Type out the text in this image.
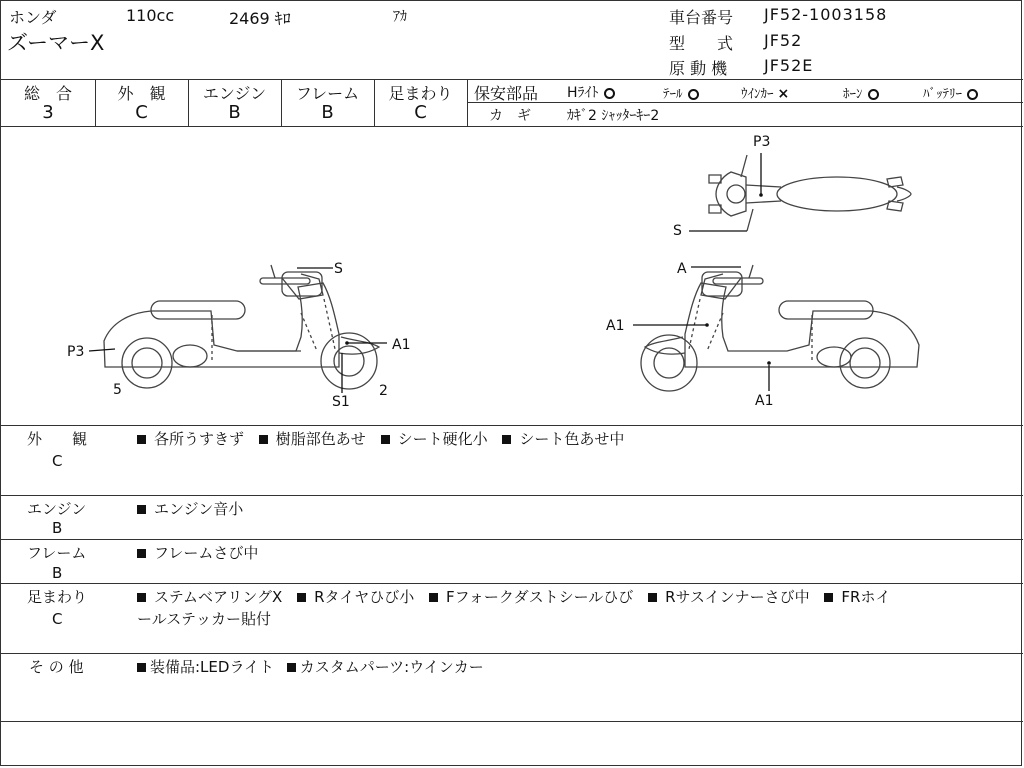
ホンダ	110cc	2469 ｷﾛ	ｱｶ
ズーマーX
車台番号 JF52-1003158
型　　式 JF52
原 動 機 JF52E
総　合
3
外　観
C
エンジン
B
フレーム
B
足まわり
C
保安部品 Hﾗｲﾄ	ﾃｰﾙ	ｳｲﾝｶｰ ×	ﾎｰﾝ	ﾊﾞｯﾃﾘｰ
カ　ギ	ｶｷﾞ2 ｼｬｯﾀｰｷｰ2
S
P3	A1
S1
5	2
A
A1
A1
P3
S
外　　観
C
各所うすきず 樹脂部色あせ シート硬化小 シート色あせ中
エンジン
B
エンジン音小
フレーム
B
フレームさび中
足まわり
C
ステムベアリングX Rタイヤひび小 Fフォークダストシールひび Rサスインナーさび中 FRホイ
ールステッカー貼付
そ の 他	装備品:LEDライト カスタムパーツ:ウインカー
